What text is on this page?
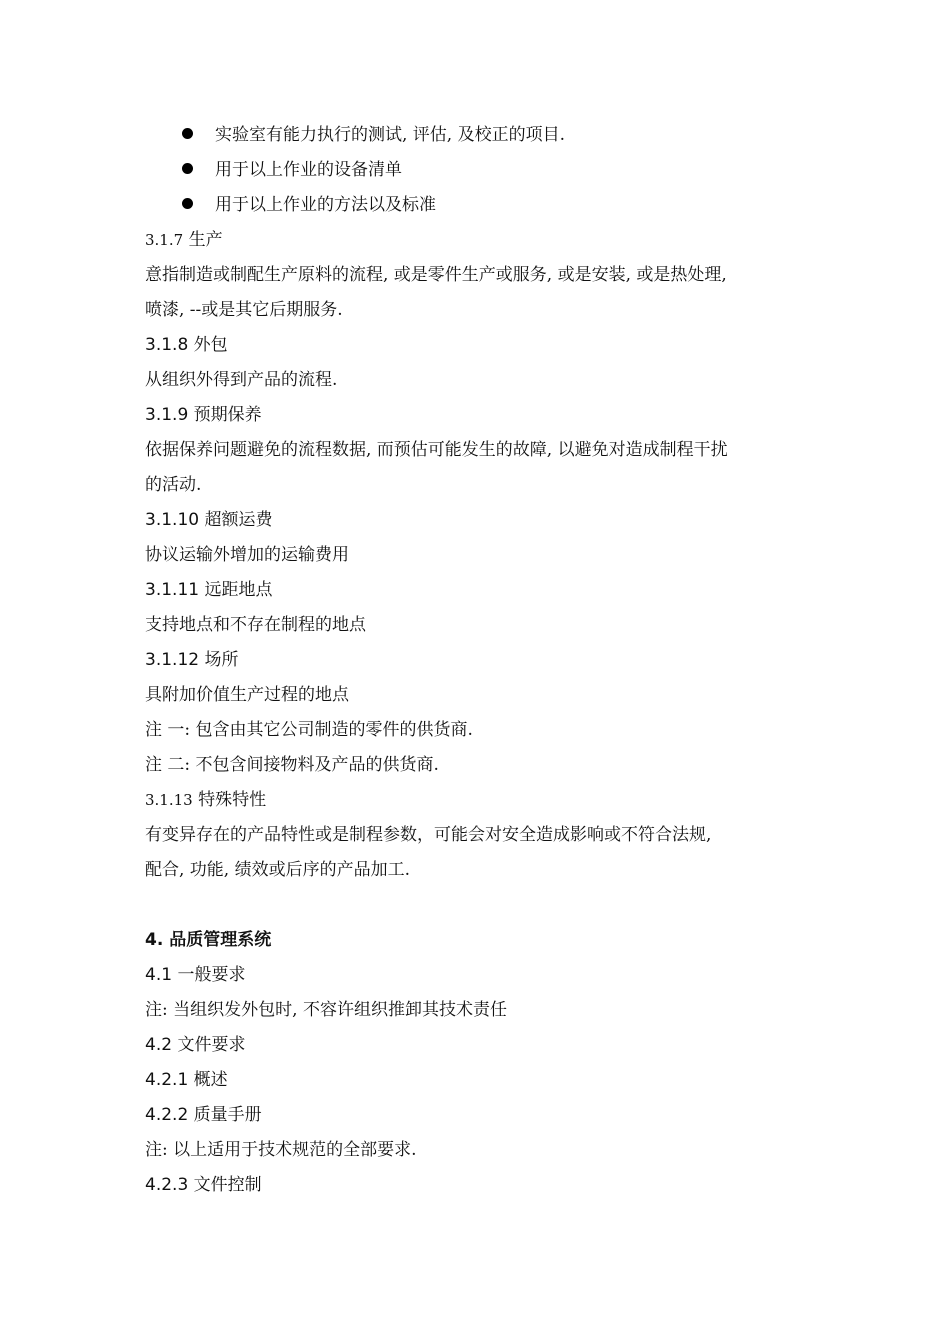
实验室有能力执行的测试, 评估, 及校正的项目.
用于以上作业的设备清单
用于以上作业的方法以及标准
3.1.7 生产
意指制造或制配生产原料的流程, 或是零件生产或服务, 或是安装, 或是热处理,
喷漆, --或是其它后期服务.
3.1.8 外包
从组织外得到产品的流程.
3.1.9 预期保养
依据保养问题避免的流程数据, 而预估可能发生的故障, 以避免对造成制程干扰
的活动.
3.1.10 超额运费
协议运输外增加的运输费用
3.1.11 远距地点
支持地点和不存在制程的地点
3.1.12 场所
具附加价值生产过程的地点
注 一: 包含由其它公司制造的零件的供货商.
注 二: 不包含间接物料及产品的供货商.
3.1.13 特殊特性
有变异存在的产品特性或是制程参数，可能会对安全造成影响或不符合法规,
配合, 功能, 绩效或后序的产品加工.
4. 品质管理系统
4.1 一般要求
注: 当组织发外包时, 不容许组织推卸其技术责任
4.2 文件要求
4.2.1 概述
4.2.2 质量手册
注: 以上适用于技术规范的全部要求.
4.2.3 文件控制
